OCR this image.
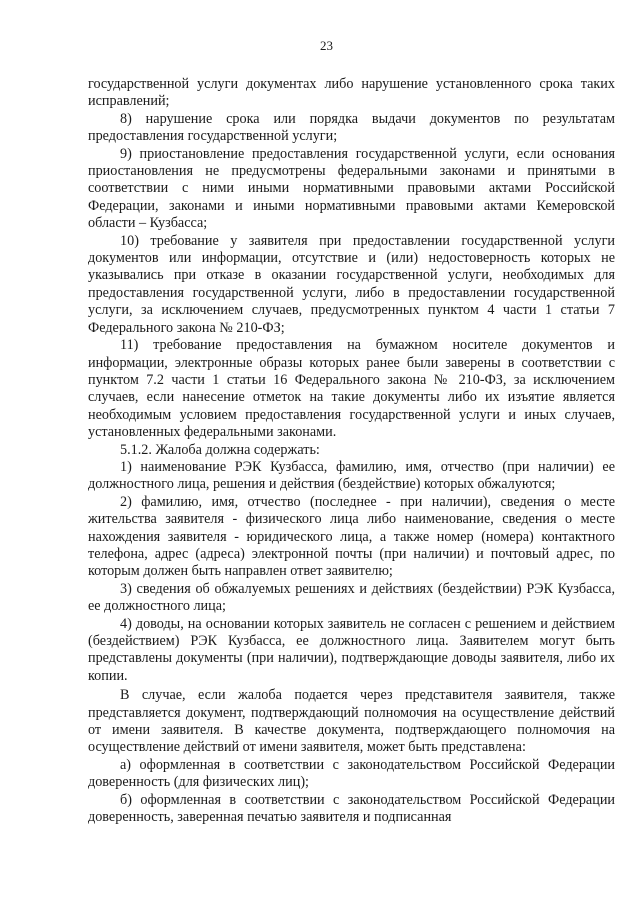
23

государственной услуги документах либо нарушение установленного срока таких исправлений;

8) нарушение срока или порядка выдачи документов по результатам предоставления государственной услуги;

9) приостановление предоставления государственной услуги, если основания приостановления не предусмотрены федеральными законами и принятыми в соответствии с ними иными нормативными правовыми актами Российской Федерации, законами и иными нормативными правовыми актами Кемеровской области – Кузбасса;

10) требование у заявителя при предоставлении государственной услуги документов или информации, отсутствие и (или) недостоверность которых не указывались при отказе в оказании государственной услуги, необходимых для предоставления государственной услуги, либо в предоставлении государственной услуги, за исключением случаев, предусмотренных пунктом 4 части 1 статьи 7 Федерального закона № 210-ФЗ;

11) требование предоставления на бумажном носителе документов и информации, электронные образы которых ранее были заверены в соответствии с пунктом 7.2 части 1 статьи 16 Федерального закона № 210-ФЗ, за исключением случаев, если нанесение отметок на такие документы либо их изъятие является необходимым условием предоставления государственной услуги и иных случаев, установленных федеральными законами.

5.1.2. Жалоба должна содержать:

1) наименование РЭК Кузбасса, фамилию, имя, отчество (при наличии) ее должностного лица, решения и действия (бездействие) которых обжалуются;

2) фамилию, имя, отчество (последнее - при наличии), сведения о месте жительства заявителя - физического лица либо наименование, сведения о месте нахождения заявителя - юридического лица, а также номер (номера) контактного телефона, адрес (адреса) электронной почты (при наличии) и почтовый адрес, по которым должен быть направлен ответ заявителю;

3) сведения об обжалуемых решениях и действиях (бездействии) РЭК Кузбасса, ее должностного лица;

4) доводы, на основании которых заявитель не согласен с решением и действием (бездействием) РЭК Кузбасса, ее должностного лица. Заявителем могут быть представлены документы (при наличии), подтверждающие доводы заявителя, либо их копии.

В случае, если жалоба подается через представителя заявителя, также представляется документ, подтверждающий полномочия на осуществление действий от имени заявителя. В качестве документа, подтверждающего полномочия на осуществление действий от имени заявителя, может быть представлена:

а) оформленная в соответствии с законодательством Российской Федерации доверенность (для физических лиц);

б) оформленная в соответствии с законодательством Российской Федерации доверенность, заверенная печатью заявителя и подписанная
